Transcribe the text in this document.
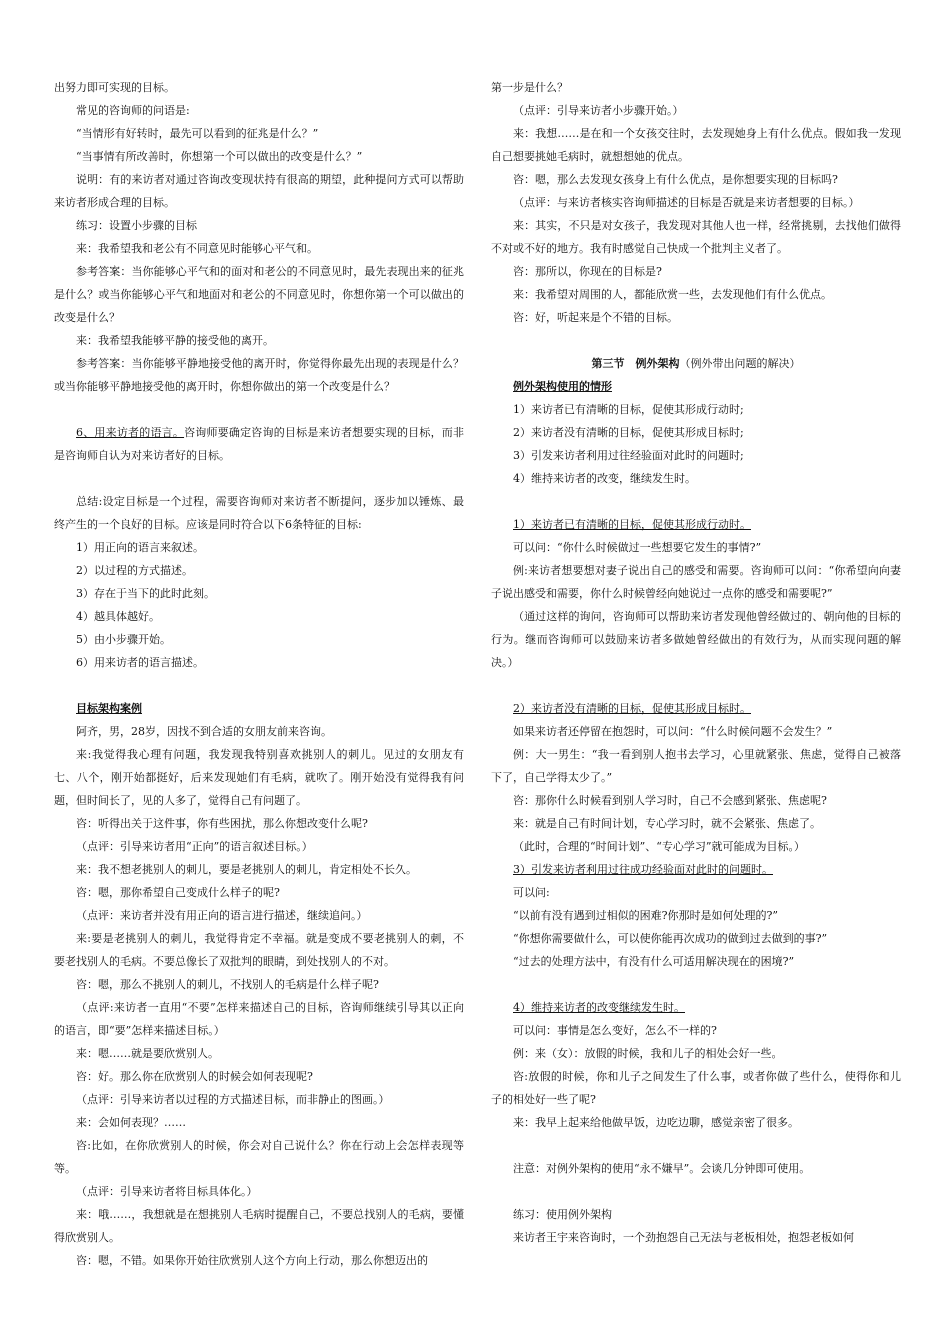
出努力即可实现的目标。
常见的咨询师的问语是:
“当情形有好转时，最先可以看到的征兆是什么？”
“当事情有所改善时，你想第一个可以做出的改变是什么？”
说明：有的来访者对通过咨询改变现状持有很高的期望，此种提问方式可以帮助来访者形成合理的目标。
练习：设置小步骤的目标
来：我希望我和老公有不同意见时能够心平气和。
参考答案：当你能够心平气和的面对和老公的不同意见时，最先表现出来的征兆是什么？或当你能够心平气和地面对和老公的不同意见时，你想你第一个可以做出的改变是什么？
来：我希望我能够平静的接受他的离开。
参考答案：当你能够平静地接受他的离开时，你觉得你最先出现的表现是什么？或当你能够平静地接受他的离开时，你想你做出的第一个改变是什么？
6、用来访者的语言。咨询师要确定咨询的目标是来访者想要实现的目标，而非是咨询师自认为对来访者好的目标。
总结:设定目标是一个过程，需要咨询师对来访者不断提问，逐步加以锤炼、最终产生的一个良好的目标。应该是同时符合以下6条特征的目标:
1）用正向的语言来叙述。
2）以过程的方式描述。
3）存在于当下的此时此刻。
4）越具体越好。
5）由小步骤开始。
6）用来访者的语言描述。
目标架构案例
阿齐，男，28岁，因找不到合适的女朋友前来咨询。
来:我觉得我心理有问题，我发现我特别喜欢挑别人的刺儿。见过的女朋友有七、八个，刚开始都挺好，后来发现她们有毛病，就吹了。刚开始没有觉得我有问题，但时间长了，见的人多了，觉得自己有问题了。
咨：听得出关于这件事，你有些困扰，那么你想改变什么呢?
（点评：引导来访者用“正向”的语言叙述目标。）
来：我不想老挑别人的刺儿，要是老挑别人的刺儿，肯定相处不长久。
咨：嗯，那你希望自己变成什么样子的呢?
（点评：来访者并没有用正向的语言进行描述，继续追问。）
来:要是老挑别人的刺儿，我觉得肯定不幸福。就是变成不要老挑别人的刺，不要老找别人的毛病。不要总像长了双批判的眼睛，到处找别人的不对。
咨：嗯，那么不挑别人的刺儿，不找别人的毛病是什么样子呢?
（点评:来访者一直用“不要”怎样来描述自己的目标，咨询师继续引导其以正向的语言，即“要”怎样来描述目标。）
来：嗯……就是要欣赏别人。
咨：好。那么你在欣赏别人的时候会如何表现呢?
（点评：引导来访者以过程的方式描述目标，而非静止的图画。）
来：会如何表现？……
咨:比如，在你欣赏别人的时候，你会对自己说什么？你在行动上会怎样表现等等。
（点评：引导来访者将目标具体化。）
来：哦……，我想就是在想挑别人毛病时提醒自己，不要总找别人的毛病，要懂得欣赏别人。
咨：嗯，不错。如果你开始往欣赏别人这个方向上行动，那么你想迈出的
第一步是什么？
（点评：引导来访者小步骤开始。）
来：我想……是在和一个女孩交往时，去发现她身上有什么优点。假如我一发现自己想要挑她毛病时，就想想她的优点。
咨：嗯，那么去发现女孩身上有什么优点，是你想要实现的目标吗?
（点评：与来访者核实咨询师描述的目标是否就是来访者想要的目标。）
来：其实，不只是对女孩子，我发现对其他人也一样，经常挑剔，去找他们做得不对或不好的地方。我有时感觉自己快成一个批判主义者了。
咨：那所以，你现在的目标是?
来：我希望对周围的人，都能欣赏一些，去发现他们有什么优点。
咨：好，听起来是个不错的目标。
第三节　例外架构（例外带出问题的解决）
例外架构使用的情形
1）来访者已有清晰的目标，促使其形成行动时;
2）来访者没有清晰的目标，促使其形成目标时;
3）引发来访者利用过往经验面对此时的问题时;
4）维持来访者的改变，继续发生时。
1）来访者已有清晰的目标，促使其形成行动时。
可以问：“你什么时候做过一些想要它发生的事情?”
例:来访者想要想对妻子说出自己的感受和需要。咨询师可以问：“你希望向向妻子说出感受和需要，你什么时候曾经向她说过一点你的感受和需要呢?”
（通过这样的询问，咨询师可以帮助来访者发现他曾经做过的、朝向他的目标的行为。继而咨询师可以鼓励来访者多做她曾经做出的有效行为，从而实现问题的解决。）
2）来访者没有清晰的目标，促使其形成目标时。
如果来访者还停留在抱怨时，可以问：“什么时候问题不会发生？”
例：大一男生：“我一看到别人抱书去学习，心里就紧张、焦虑，觉得自己被落下了，自己学得太少了。”
咨：那你什么时候看到别人学习时，自己不会感到紧张、焦虑呢?
来：就是自己有时间计划，专心学习时，就不会紧张、焦虑了。
（此时，合理的“时间计划”、“专心学习”就可能成为目标。）
3）引发来访者利用过往成功经验面对此时的问题时。
可以问:
“以前有没有遇到过相似的困难?你那时是如何处理的?”
“你想你需要做什么，可以使你能再次成功的做到过去做到的事?”
“过去的处理方法中，有没有什么可适用解决现在的困境?”
4）维持来访者的改变继续发生时。
可以问：事情是怎么变好，怎么不一样的?
例：来（女）：放假的时候，我和儿子的相处会好一些。
咨:放假的时候，你和儿子之间发生了什么事，或者你做了些什么，使得你和儿子的相处好一些了呢?
来：我早上起来给他做早饭，边吃边聊，感觉亲密了很多。
注意：对例外架构的使用“永不嫌早”。会谈几分钟即可使用。
练习：使用例外架构
来访者王宇来咨询时，一个劲抱怨自己无法与老板相处，抱怨老板如何
